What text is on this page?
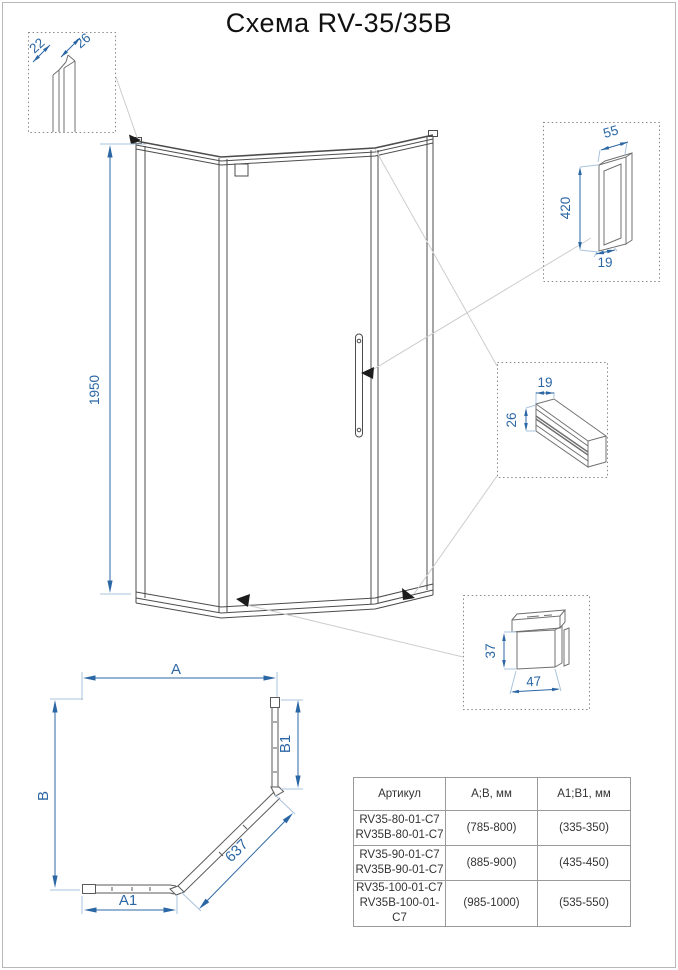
Схема RV-35/35В
1950
22 26
55
420
19
19
26
37
47
A
B
B1
A1
637
Артикул	А;В, мм	А1;В1, мм

RV35-80-01-C7
RV35B-80-01-C7	(785-800)	(335-350)

RV35-90-01-C7
RV35B-90-01-C7	(885-900)	(435-450)

RV35-100-01-C7
RV35B-100-01-C7	(985-1000)	(535-550)
